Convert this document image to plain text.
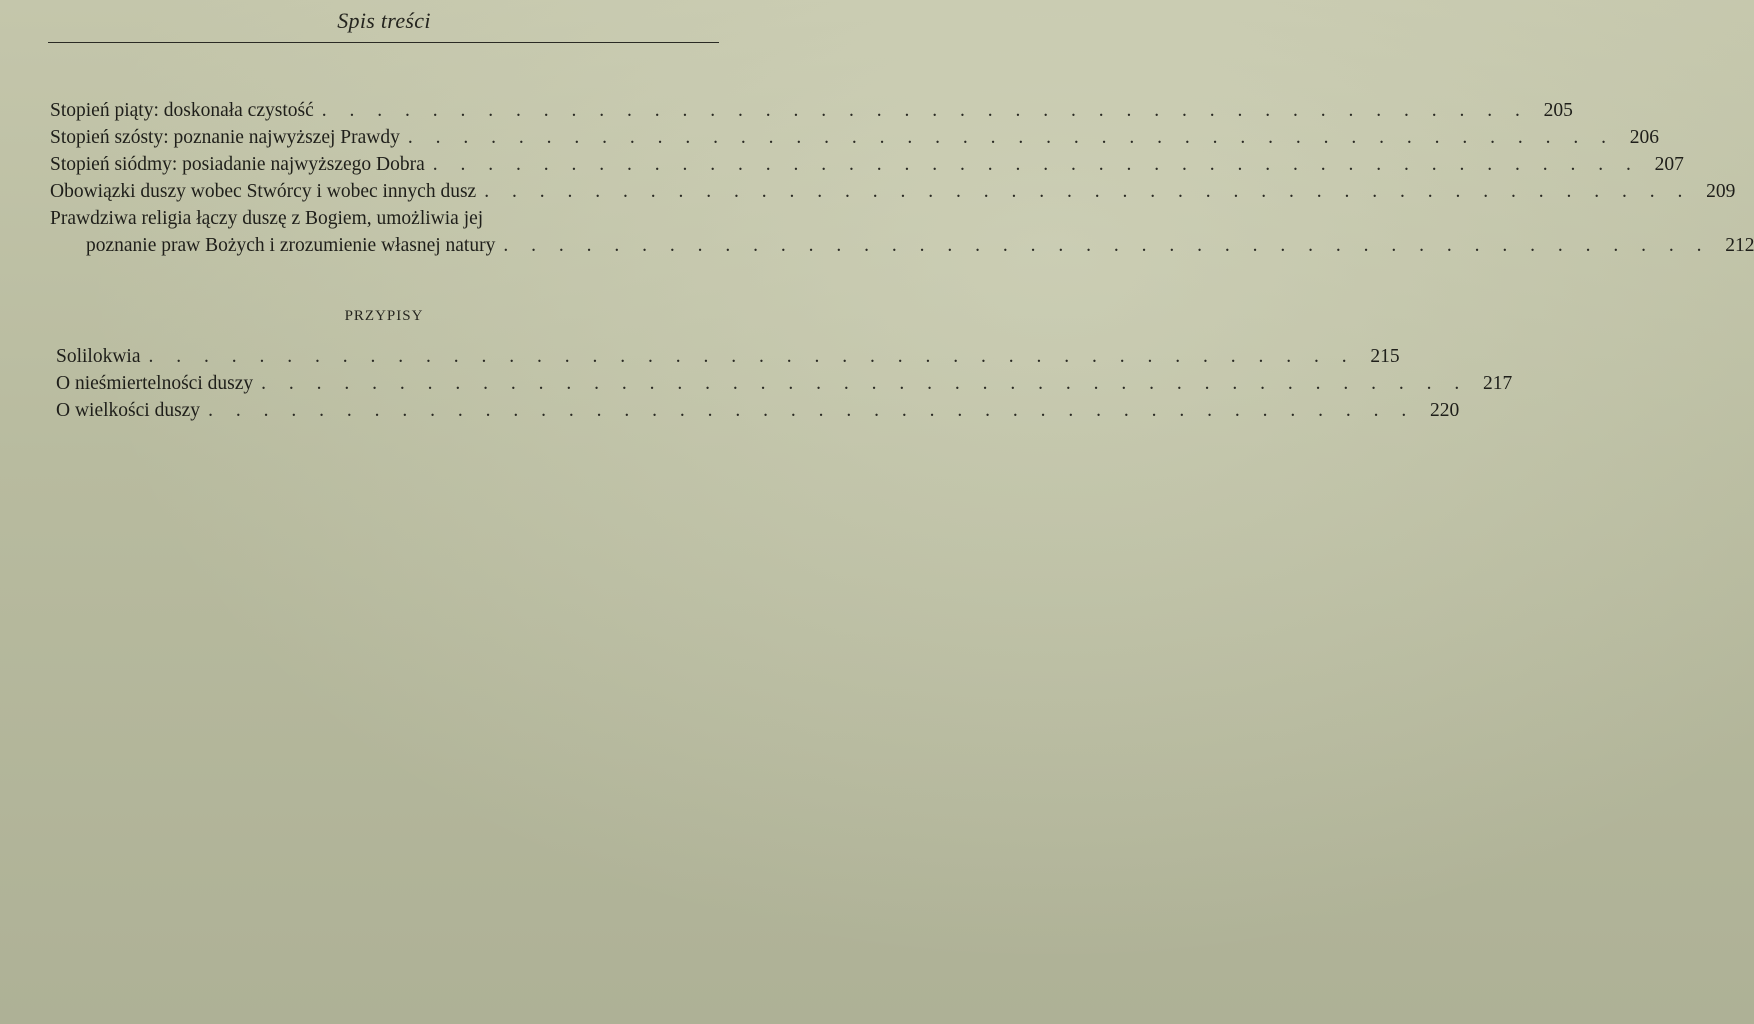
Spis treści
Stopień piąty: doskonała czystość . . . . . . . . . . . . . . . . . . . . . . . . . . . . . . . . . . . . . . . . . . . . 205
Stopień szósty: poznanie najwyższej Prawdy . . . . . . . . . . . . . . . . . . . . . . . . . . . . . . . . . . . . . . . . . . . . 206
Stopień siódmy: posiadanie najwyższego Dobra . . . . . . . . . . . . . . . . . . . . . . . . . . . . . . . . . . . . . . . . . . . . 207
Obowiązki duszy wobec Stwórcy i wobec innych dusz . . . . . . . . . . . . . . . . . . . . . . . . . . . . . . . . . . . . . . . . . . . . 209
Prawdziwa religia łączy duszę z Bogiem, umożliwia jej
poznanie praw Bożych i zrozumienie własnej natury . . . . . . . . . . . . . . . . . . . . . . . . . . . . . . . . . . . . . . . . . . . . 212
PRZYPISY
Solilokwia . . . . . . . . . . . . . . . . . . . . . . . . . . . . . . . . . . . . . . . . . . . . 215
O nieśmiertelności duszy . . . . . . . . . . . . . . . . . . . . . . . . . . . . . . . . . . . . . . . . . . . . 217
O wielkości duszy . . . . . . . . . . . . . . . . . . . . . . . . . . . . . . . . . . . . . . . . . . . . 220
